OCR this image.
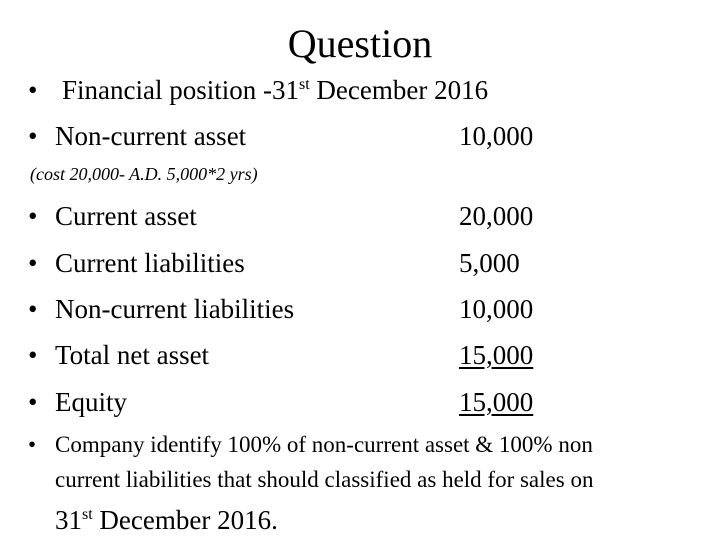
Question
• Financial position -31st December 2016
• Non-current asset	10,000
(cost 20,000- A.D. 5,000*2 yrs)
• Current asset	20,000
• Current liabilities	5,000
• Non-current liabilities	10,000
• Total net asset	15,000
• Equity	15,000
• Company identify 100% of non-current asset & 100% non
current liabilities that should classified as held for sales on
31st December 2016.
